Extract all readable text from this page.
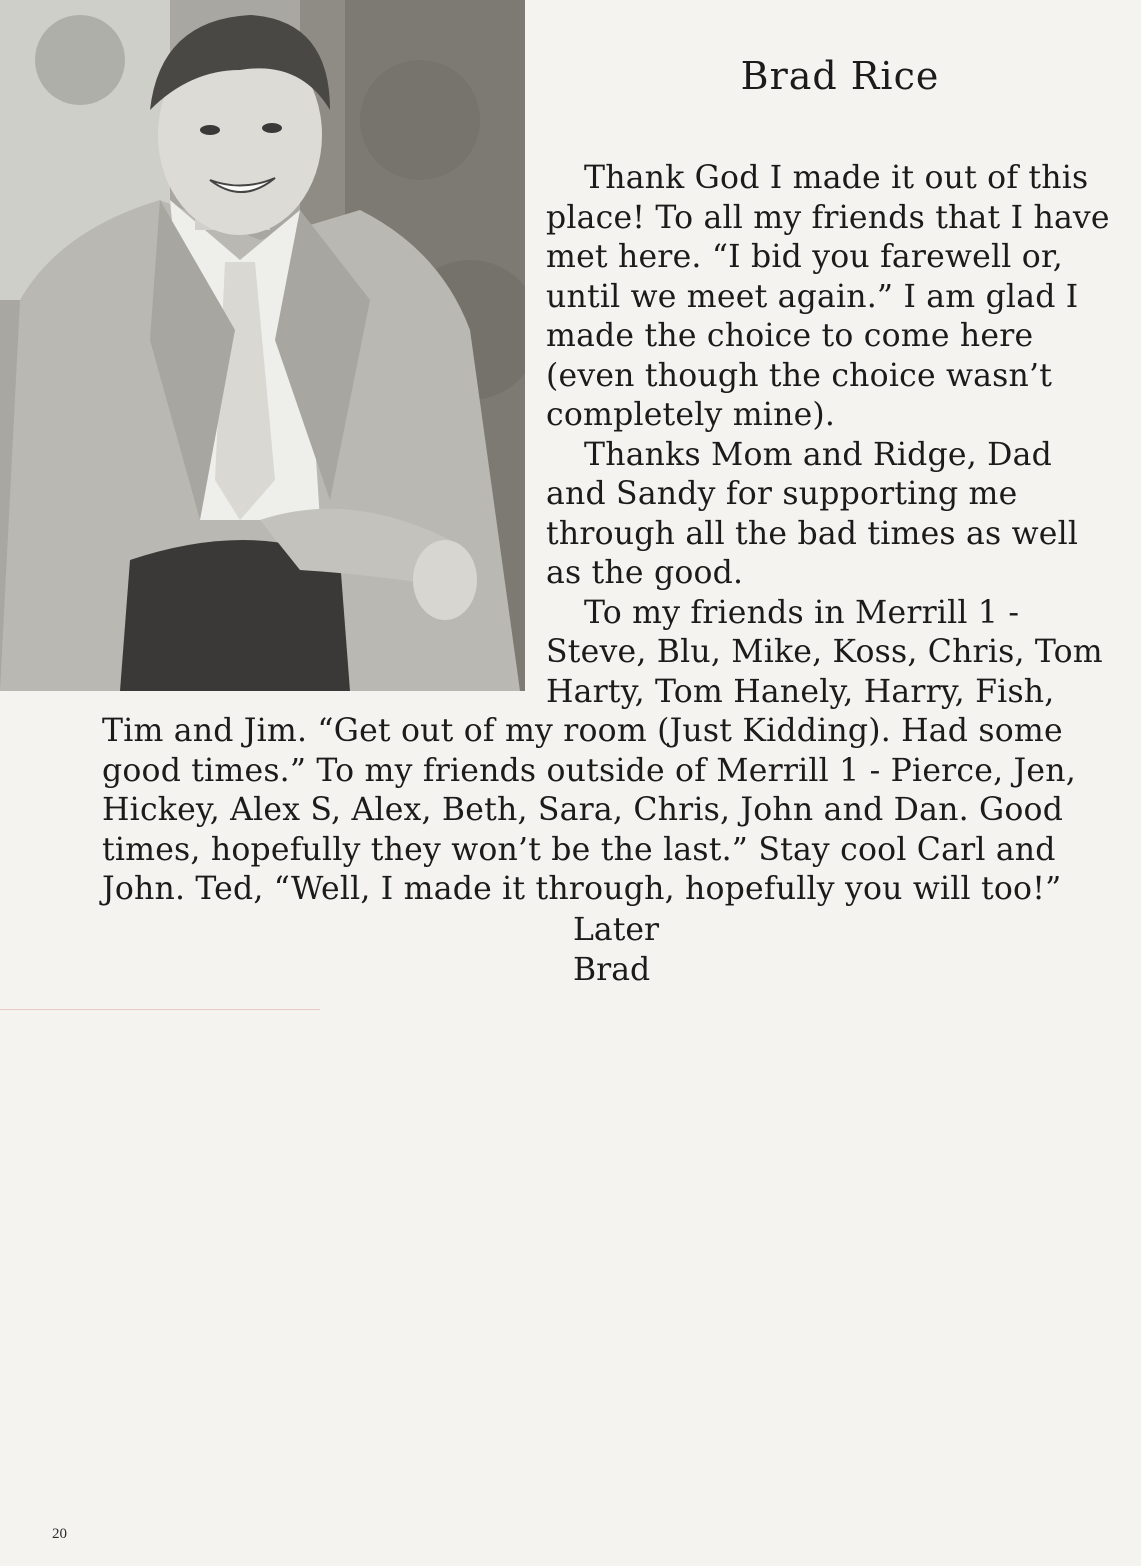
Brad Rice
Thank God I made it out of this
place! To all my friends that I have
met here. “I bid you farewell or,
until we meet again.” I am glad I
made the choice to come here
(even though the choice wasn’t
completely mine).
Thanks Mom and Ridge, Dad
and Sandy for supporting me
through all the bad times as well
as the good.
To my friends in Merrill 1 -
Steve, Blu, Mike, Koss, Chris, Tom
Harty, Tom Hanely, Harry, Fish,
Tim and Jim. “Get out of my room (Just Kidding). Had some
good times.” To my friends outside of Merrill 1 - Pierce, Jen,
Hickey, Alex S, Alex, Beth, Sara, Chris, John and Dan. Good
times, hopefully they won’t be the last.” Stay cool Carl and
John. Ted, “Well, I made it through, hopefully you will too!”
Later
Brad
20
